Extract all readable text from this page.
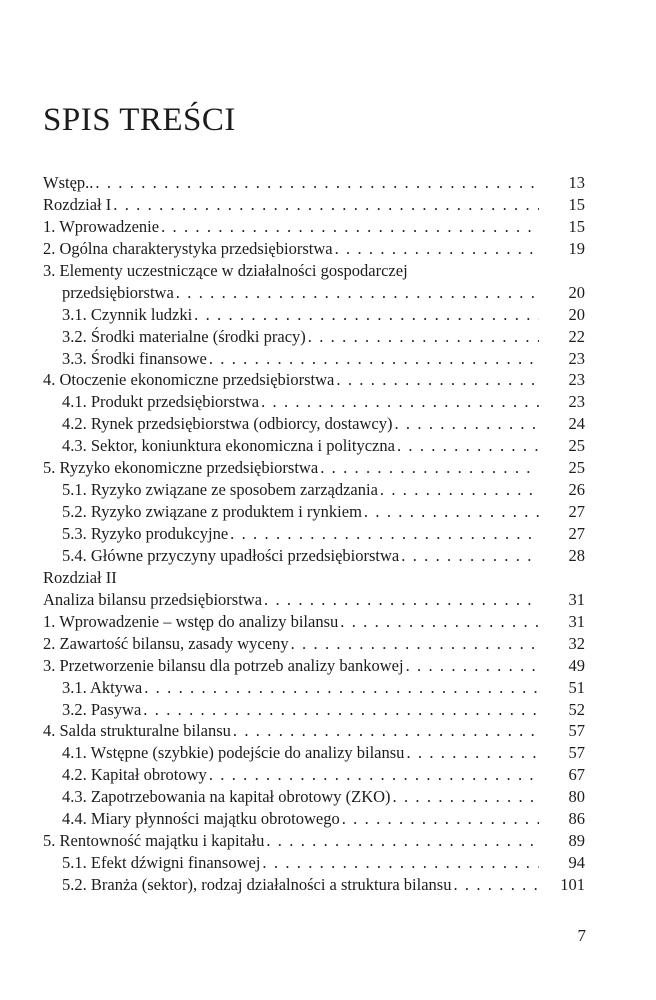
SPIS TREŚCI
Wstęp.. . . .	13
Rozdział I . . .	15
1. Wprowadzenie . . .	15
2. Ogólna charakterystyka przedsiębiorstwa . . .	19
3. Elementy uczestniczące w działalności gospodarczej
przedsiębiorstwa . . .	20
3.1. Czynnik ludzki . . .	20
3.2. Środki materialne (środki pracy) . . .	22
3.3. Środki finansowe . . .	23
4. Otoczenie ekonomiczne przedsiębiorstwa . . .	23
4.1. Produkt przedsiębiorstwa . . .	23
4.2. Rynek przedsiębiorstwa (odbiorcy, dostawcy) . . .	24
4.3. Sektor, koniunktura ekonomiczna i polityczna . . .	25
5. Ryzyko ekonomiczne przedsiębiorstwa . . .	25
5.1. Ryzyko związane ze sposobem zarządzania . . .	26
5.2. Ryzyko związane z produktem i rynkiem . . .	27
5.3. Ryzyko produkcyjne . . .	27
5.4. Główne przyczyny upadłości przedsiębiorstwa . . .	28
Rozdział II
Analiza bilansu przedsiębiorstwa . . .	31
1. Wprowadzenie – wstęp do analizy bilansu . . .	31
2. Zawartość bilansu, zasady wyceny . . .	32
3. Przetworzenie bilansu dla potrzeb analizy bankowej . . .	49
3.1. Aktywa . . .	51
3.2. Pasywa . . .	52
4. Salda strukturalne bilansu . . .	57
4.1. Wstępne (szybkie) podejście do analizy bilansu . . .	57
4.2. Kapitał obrotowy . . .	67
4.3. Zapotrzebowania na kapitał obrotowy (ZKO) . . .	80
4.4. Miary płynności majątku obrotowego . . .	86
5. Rentowność majątku i kapitału . . .	89
5.1. Efekt dźwigni finansowej . . .	94
5.2. Branża (sektor), rodzaj działalności a struktura bilansu . . .	101
7
